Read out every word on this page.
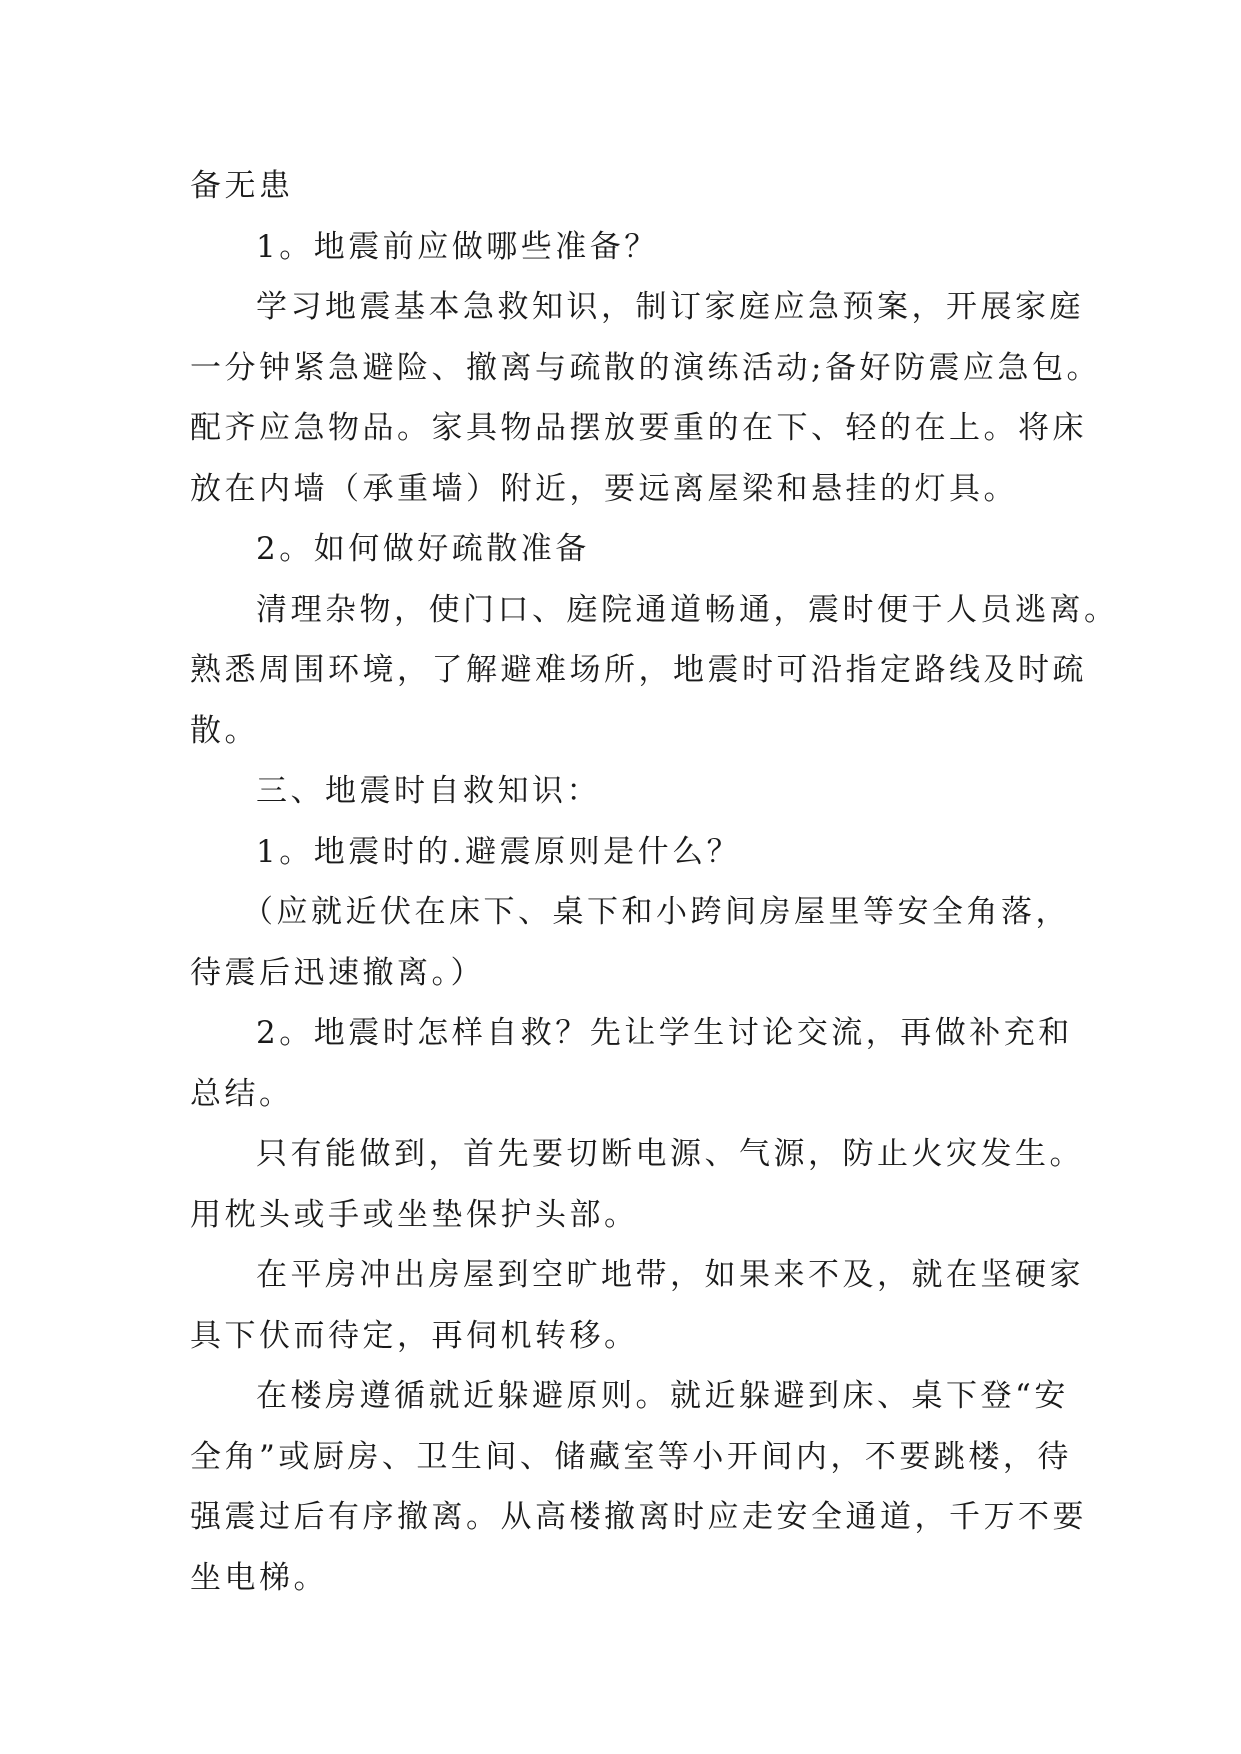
备无患
1。地震前应做哪些准备？
学习地震基本急救知识，制订家庭应急预案，开展家庭
一分钟紧急避险、撤离与疏散的演练活动;备好防震应急包。
配齐应急物品。家具物品摆放要重的在下、轻的在上。将床
放在内墙（承重墙）附近，要远离屋梁和悬挂的灯具。
2。如何做好疏散准备
清理杂物，使门口、庭院通道畅通，震时便于人员逃离。
熟悉周围环境，了解避难场所，地震时可沿指定路线及时疏
散。
三、地震时自救知识：
1。地震时的.避震原则是什么？
（应就近伏在床下、桌下和小跨间房屋里等安全角落，
待震后迅速撤离。）
2。地震时怎样自救？先让学生讨论交流，再做补充和
总结。
只有能做到，首先要切断电源、气源，防止火灾发生。
用枕头或手或坐垫保护头部。
在平房冲出房屋到空旷地带，如果来不及，就在坚硬家
具下伏而待定，再伺机转移。
在楼房遵循就近躲避原则。就近躲避到床、桌下登“安
全角”或厨房、卫生间、储藏室等小开间内，不要跳楼，待
强震过后有序撤离。从高楼撤离时应走安全通道，千万不要
坐电梯。
